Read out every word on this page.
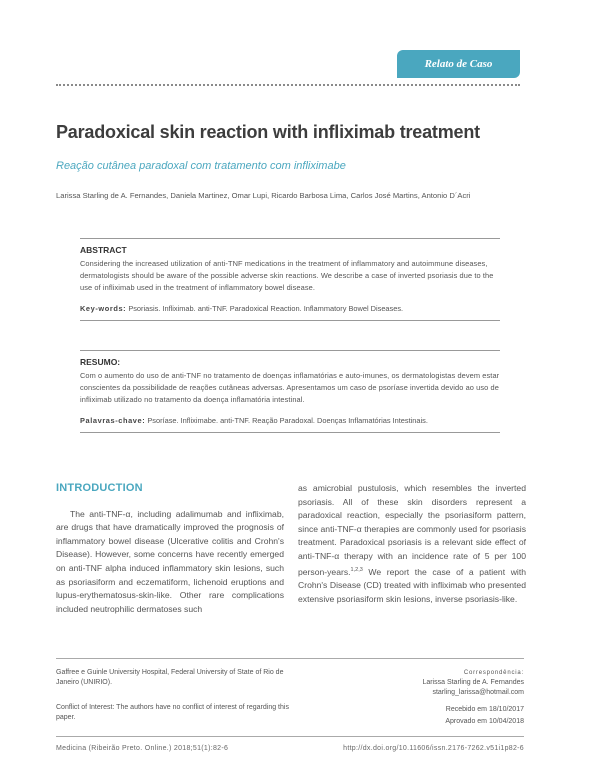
Relato de Caso
Paradoxical skin reaction with infliximab treatment
Reação cutânea paradoxal com tratamento com infliximabe
Larissa Starling de A. Fernandes, Daniela Martinez, Omar Lupi, Ricardo Barbosa Lima, Carlos José Martins, Antonio D´Acri
ABSTRACT
Considering the increased utilization of anti-TNF medications in the treatment of inflammatory and autoimmune diseases, dermatologists should be aware of the possible adverse skin reactions. We describe a case of inverted psoriasis due to the use of infliximab used in the treatment of inflammatory bowel disease.
Key-words: Psoriasis. Infliximab. anti-TNF. Paradoxical Reaction. Inflammatory Bowel Diseases.
RESUMO:
Com o aumento do uso de anti-TNF no tratamento de doenças inflamatórias e auto-imunes, os dermatologistas devem estar conscientes da possibilidade de reações cutâneas adversas. Apresentamos um caso de psoríase invertida devido ao uso de infliximab utilizado no tratamento da doença inflamatória intestinal.
Palavras-chave: Psoríase. Infliximabe. anti-TNF. Reação Paradoxal. Doenças Inflamatórias Intestinais.
INTRODUCTION

The anti-TNF-α, including adalimumab and infliximab, are drugs that have dramatically improved the prognosis of inflammatory bowel disease (Ulcerative colitis and Crohn's Disease). However, some concerns have recently emerged on anti-TNF alpha induced inflammatory skin lesions, such as psoriasiform and eczematiform, lichenoid eruptions and lupus-erythematosus-skin-like. Other rare complications included neutrophilic dermatoses such

as amicrobial pustulosis, which resembles the inverted psoriasis. All of these skin disorders represent a paradoxical reaction, especially the psoriasiform pattern, since anti-TNF-α therapies are commonly used for psoriasis treatment. Paradoxical psoriasis is a relevant side effect of anti-TNF-α therapy with an incidence rate of 5 per 100 person-years.$^{1,2,3}$ We report the case of a patient with Crohn's Disease (CD) treated with infliximab who presented extensive psoriasiform skin lesions, inverse psoriasis-like.

Gaffree e Guinle University Hospital, Federal University of State of Rio de Janeiro (UNIRIO).
Conflict of Interest: The authors have no conflict of interest of regarding this paper.
Correspondência:
Larissa Starling de A. Fernandes
starling_larissa@hotmail.com
Recebido em 18/10/2017
Aprovado em 10/04/2018
Medicina (Ribeirão Preto. Online.) 2018;51(1):82-6	http://dx.doi.org/10.11606/issn.2176-7262.v51i1p82-6
